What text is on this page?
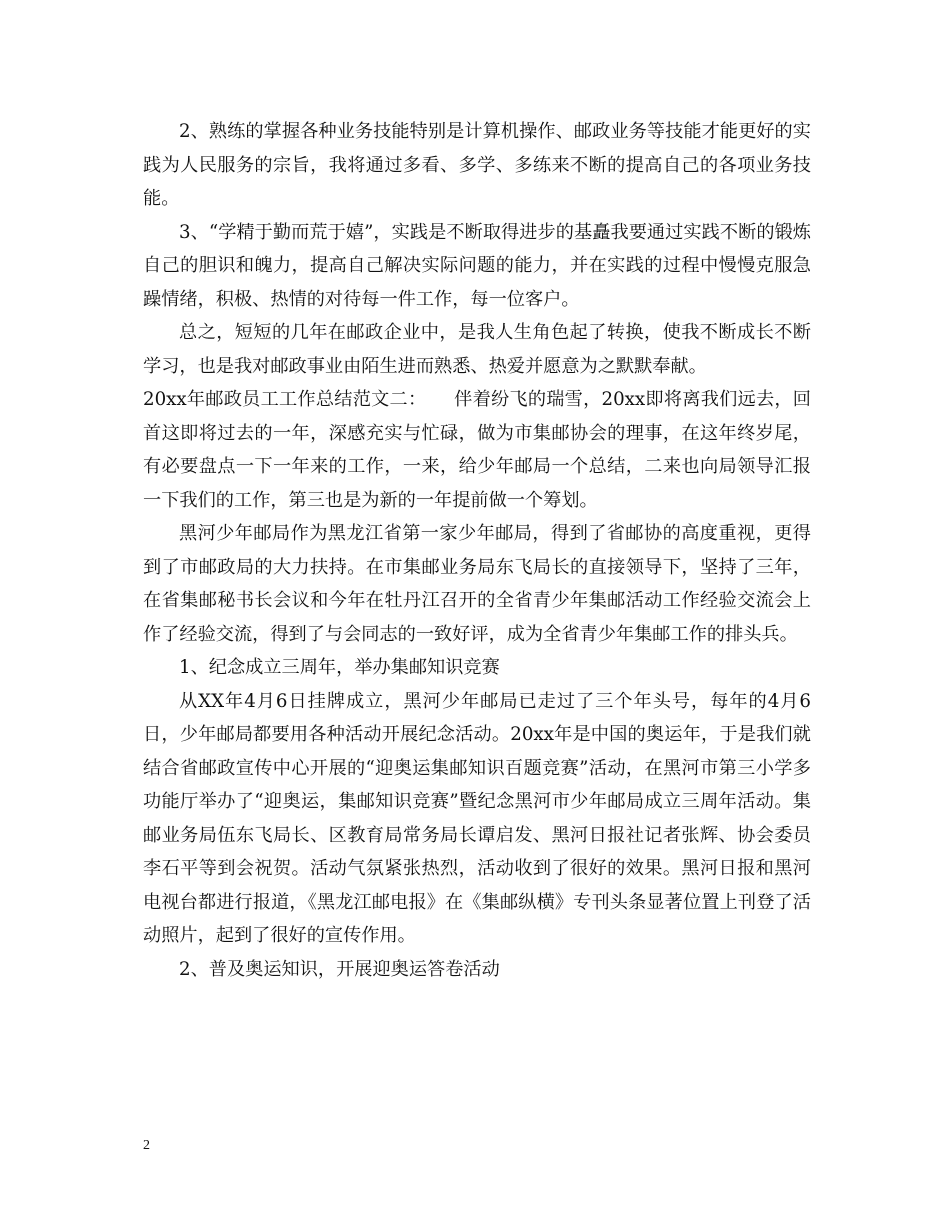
2、熟练的掌握各种业务技能特别是计算机操作、邮政业务等技能才能更好的实践为人民服务的宗旨，我将通过多看、多学、多练来不断的提高自己的各项业务技能。

3、“学精于勤而荒于嬉”，实践是不断取得进步的基矗我要通过实践不断的锻炼自己的胆识和魄力，提高自己解决实际问题的能力，并在实践的过程中慢慢克服急躁情绪，积极、热情的对待每一件工作，每一位客户。

总之，短短的几年在邮政企业中，是我人生角色起了转换，使我不断成长不断学习，也是我对邮政事业由陌生进而熟悉、热爱并愿意为之默默奉献。

20xx年邮政员工工作总结范文二：　　伴着纷飞的瑞雪，20xx即将离我们远去，回首这即将过去的一年，深感充实与忙碌，做为市集邮协会的理事，在这年终岁尾，有必要盘点一下一年来的工作，一来，给少年邮局一个总结，二来也向局领导汇报一下我们的工作，第三也是为新的一年提前做一个筹划。

黑河少年邮局作为黑龙江省第一家少年邮局，得到了省邮协的高度重视，更得到了市邮政局的大力扶持。在市集邮业务局东飞局长的直接领导下，坚持了三年，在省集邮秘书长会议和今年在牡丹江召开的全省青少年集邮活动工作经验交流会上作了经验交流，得到了与会同志的一致好评，成为全省青少年集邮工作的排头兵。

1、纪念成立三周年，举办集邮知识竞赛

从XX年4月6日挂牌成立，黑河少年邮局已走过了三个年头号，每年的4月6日，少年邮局都要用各种活动开展纪念活动。20xx年是中国的奥运年，于是我们就结合省邮政宣传中心开展的“迎奥运集邮知识百题竞赛”活动，在黑河市第三小学多功能厅举办了“迎奥运，集邮知识竞赛”暨纪念黑河市少年邮局成立三周年活动。集邮业务局伍东飞局长、区教育局常务局长谭启发、黑河日报社记者张辉、协会委员李石平等到会祝贺。活动气氛紧张热烈，活动收到了很好的效果。黑河日报和黑河电视台都进行报道，《黑龙江邮电报》在《集邮纵横》专刊头条显著位置上刊登了活动照片，起到了很好的宣传作用。

2、普及奥运知识，开展迎奥运答卷活动

2
